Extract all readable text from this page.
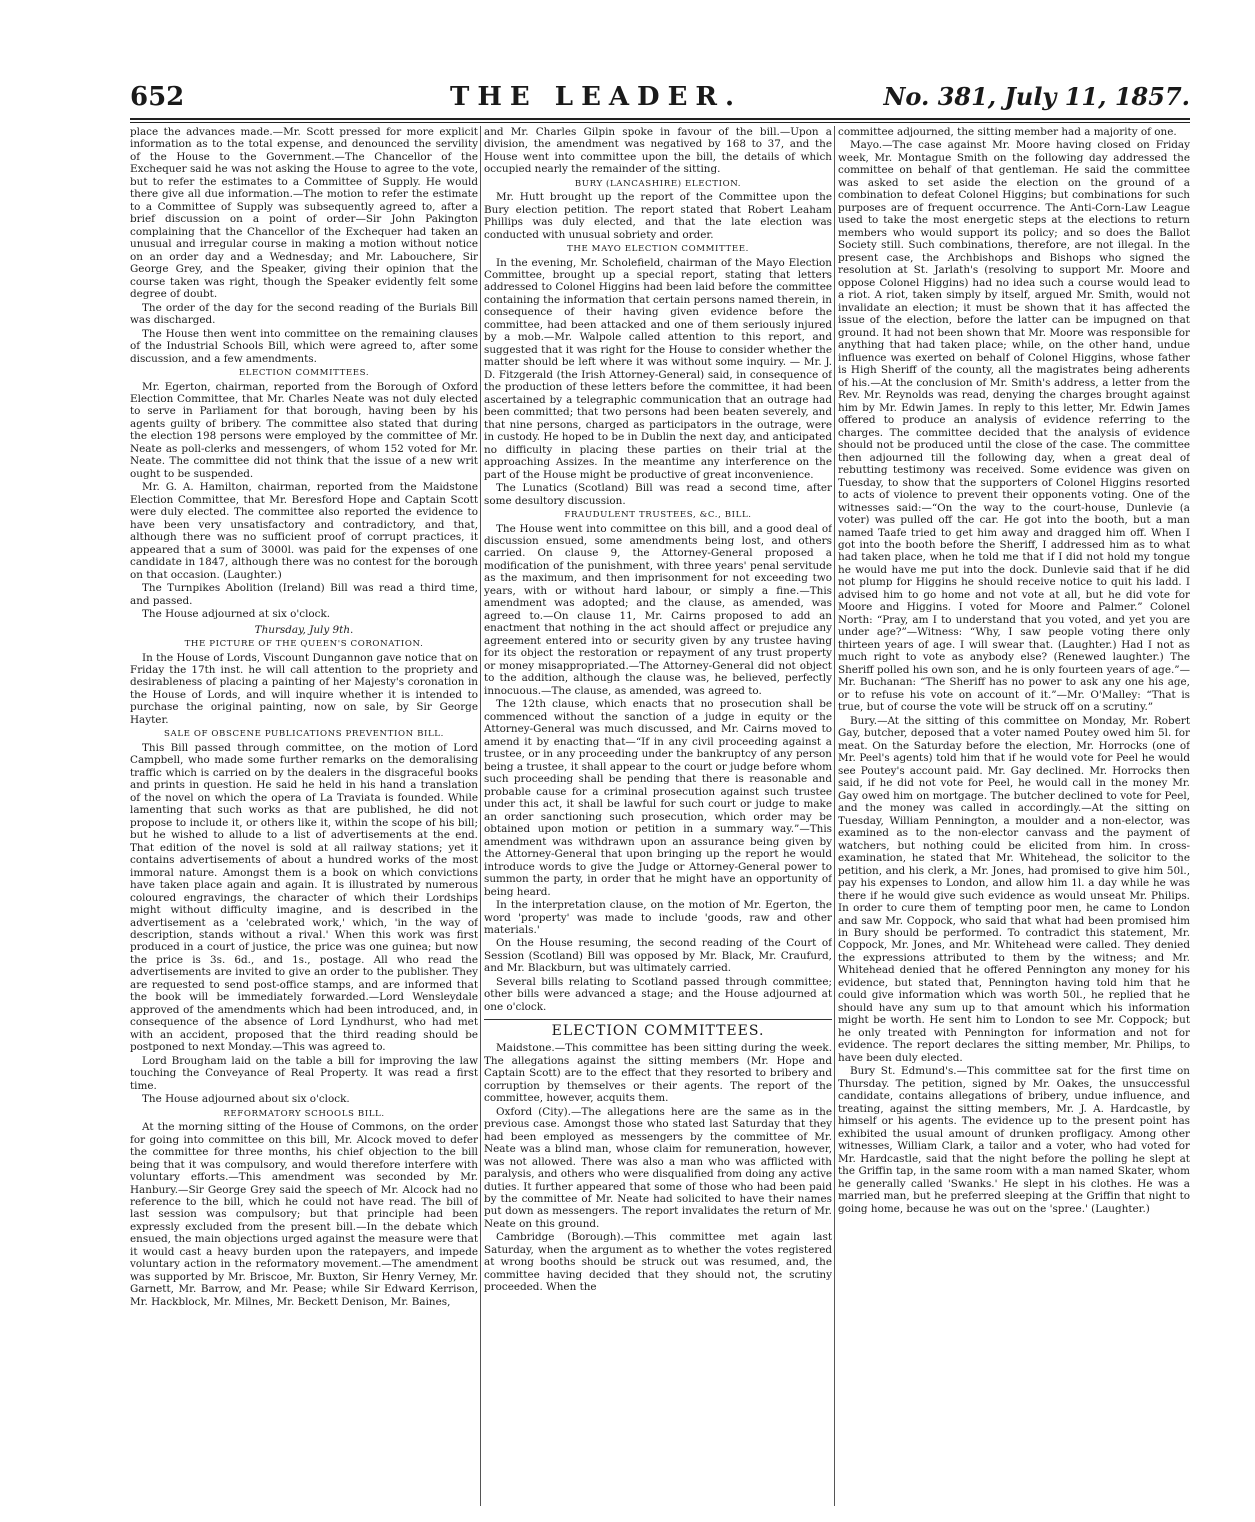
652	THE LEADER.	No. 381, July 11, 1857.

place the advances made.—Mr. Scott pressed for more explicit information as to the total expense, and denounced the servility of the House to the Government.—The Chancellor of the Exchequer said he was not asking the House to agree to the vote, but to refer the estimates to a Committee of Supply. He would there give all due information.—The motion to refer the estimate to a Committee of Supply was subsequently agreed to, after a brief discussion on a point of order—Sir John Pakington complaining that the Chancellor of the Exchequer had taken an unusual and irregular course in making a motion without notice on an order day and a Wednesday; and Mr. Labouchere, Sir George Grey, and the Speaker, giving their opinion that the course taken was right, though the Speaker evidently felt some degree of doubt.

The order of the day for the second reading of the Burials Bill was discharged.

The House then went into committee on the remaining clauses of the Industrial Schools Bill, which were agreed to, after some discussion, and a few amendments.

ELECTION COMMITTEES.

Mr. Egerton, chairman, reported from the Borough of Oxford Election Committee, that Mr. Charles Neate was not duly elected to serve in Parliament for that borough, having been by his agents guilty of bribery. The committee also stated that during the election 198 persons were employed by the committee of Mr. Neate as poll-clerks and messengers, of whom 152 voted for Mr. Neate. The committee did not think that the issue of a new writ ought to be suspended.

Mr. G. A. Hamilton, chairman, reported from the Maidstone Election Committee, that Mr. Beresford Hope and Captain Scott were duly elected. The committee also reported the evidence to have been very unsatisfactory and contradictory, and that, although there was no sufficient proof of corrupt practices, it appeared that a sum of 3000l. was paid for the expenses of one candidate in 1847, although there was no contest for the borough on that occasion. (Laughter.)

The Turnpikes Abolition (Ireland) Bill was read a third time, and passed.

The House adjourned at six o'clock.

Thursday, July 9th.
THE PICTURE OF THE QUEEN'S CORONATION.

In the House of Lords, Viscount Dungannon gave notice that on Friday the 17th inst. he will call attention to the propriety and desirableness of placing a painting of her Majesty's coronation in the House of Lords, and will inquire whether it is intended to purchase the original painting, now on sale, by Sir George Hayter.

SALE OF OBSCENE PUBLICATIONS PREVENTION BILL.

This Bill passed through committee, on the motion of Lord Campbell, who made some further remarks on the demoralising traffic which is carried on by the dealers in the disgraceful books and prints in question. He said he held in his hand a translation of the novel on which the opera of La Traviata is founded. While lamenting that such works as that are published, he did not propose to include it, or others like it, within the scope of his bill; but he wished to allude to a list of advertisements at the end. That edition of the novel is sold at all railway stations; yet it contains advertisements of about a hundred works of the most immoral nature. Amongst them is a book on which convictions have taken place again and again. It is illustrated by numerous coloured engravings, the character of which their Lordships might without difficulty imagine, and is described in the advertisement as a 'celebrated work,' which, 'in the way of description, stands without a rival.' When this work was first produced in a court of justice, the price was one guinea; but now the price is 3s. 6d., and 1s., postage. All who read the advertisements are invited to give an order to the publisher. They are requested to send post-office stamps, and are informed that the book will be immediately forwarded.—Lord Wensleydale approved of the amendments which had been introduced, and, in consequence of the absence of Lord Lyndhurst, who had met with an accident, proposed that the third reading should be postponed to next Monday.—This was agreed to.

Lord Brougham laid on the table a bill for improving the law touching the Conveyance of Real Property. It was read a first time.

The House adjourned about six o'clock.

REFORMATORY SCHOOLS BILL.

At the morning sitting of the House of Commons, on the order for going into committee on this bill, Mr. Alcock moved to defer the committee for three months, his chief objection to the bill being that it was compulsory, and would therefore interfere with voluntary efforts.—This amendment was seconded by Mr. Hanbury.—Sir George Grey said the speech of Mr. Alcock had no reference to the bill, which he could not have read. The bill of last session was compulsory; but that principle had been expressly excluded from the present bill.—In the debate which ensued, the main objections urged against the measure were that it would cast a heavy burden upon the ratepayers, and impede voluntary action in the reformatory movement.—The amendment was supported by Mr. Briscoe, Mr. Buxton, Sir Henry Verney, Mr. Garnett, Mr. Barrow, and Mr. Pease; while Sir Edward Kerrison, Mr. Hackblock, Mr. Milnes, Mr. Beckett Denison, Mr. Baines,

and Mr. Charles Gilpin spoke in favour of the bill.—Upon a division, the amendment was negatived by 168 to 37, and the House went into committee upon the bill, the details of which occupied nearly the remainder of the sitting.

BURY (LANCASHIRE) ELECTION.

Mr. Hutt brought up the report of the Committee upon the Bury election petition. The report stated that Robert Leaham Phillips was duly elected, and that the late election was conducted with unusual sobriety and order.

THE MAYO ELECTION COMMITTEE.

In the evening, Mr. Scholefield, chairman of the Mayo Election Committee, brought up a special report, stating that letters addressed to Colonel Higgins had been laid before the committee containing the information that certain persons named therein, in consequence of their having given evidence before the committee, had been attacked and one of them seriously injured by a mob.—Mr. Walpole called attention to this report, and suggested that it was right for the House to consider whether the matter should be left where it was without some inquiry. — Mr. J. D. Fitzgerald (the Irish Attorney-General) said, in consequence of the production of these letters before the committee, it had been ascertained by a telegraphic communication that an outrage had been committed; that two persons had been beaten severely, and that nine persons, charged as participators in the outrage, were in custody. He hoped to be in Dublin the next day, and anticipated no difficulty in placing these parties on their trial at the approaching Assizes. In the meantime any interference on the part of the House might be productive of great inconvenience.

The Lunatics (Scotland) Bill was read a second time, after some desultory discussion.

FRAUDULENT TRUSTEES, &C., BILL.

The House went into committee on this bill, and a good deal of discussion ensued, some amendments being lost, and others carried. On clause 9, the Attorney-General proposed a modification of the punishment, with three years' penal servitude as the maximum, and then imprisonment for not exceeding two years, with or without hard labour, or simply a fine.—This amendment was adopted; and the clause, as amended, was agreed to.—On clause 11, Mr. Cairns proposed to add an enactment that nothing in the act should affect or prejudice any agreement entered into or security given by any trustee having for its object the restoration or repayment of any trust property or money misappropriated.—The Attorney-General did not object to the addition, although the clause was, he believed, perfectly innocuous.—The clause, as amended, was agreed to.

The 12th clause, which enacts that no prosecution shall be commenced without the sanction of a judge in equity or the Attorney-General was much discussed, and Mr. Cairns moved to amend it by enacting that—“If in any civil proceeding against a trustee, or in any proceeding under the bankruptcy of any person being a trustee, it shall appear to the court or judge before whom such proceeding shall be pending that there is reasonable and probable cause for a criminal prosecution against such trustee under this act, it shall be lawful for such court or judge to make an order sanctioning such prosecution, which order may be obtained upon motion or petition in a summary way.”—This amendment was withdrawn upon an assurance being given by the Attorney-General that upon bringing up the report he would introduce words to give the Judge or Attorney-General power to summon the party, in order that he might have an opportunity of being heard.

In the interpretation clause, on the motion of Mr. Egerton, the word 'property' was made to include 'goods, raw and other materials.'

On the House resuming, the second reading of the Court of Session (Scotland) Bill was opposed by Mr. Black, Mr. Craufurd, and Mr. Blackburn, but was ultimately carried.

Several bills relating to Scotland passed through committee; other bills were advanced a stage; and the House adjourned at one o'clock.

ELECTION COMMITTEES.

Maidstone.—This committee has been sitting during the week. The allegations against the sitting members (Mr. Hope and Captain Scott) are to the effect that they resorted to bribery and corruption by themselves or their agents. The report of the committee, however, acquits them.

Oxford (City).—The allegations here are the same as in the previous case. Amongst those who stated last Saturday that they had been employed as messengers by the committee of Mr. Neate was a blind man, whose claim for remuneration, however, was not allowed. There was also a man who was afflicted with paralysis, and others who were disqualified from doing any active duties. It further appeared that some of those who had been paid by the committee of Mr. Neate had solicited to have their names put down as messengers. The report invalidates the return of Mr. Neate on this ground.

Cambridge (Borough).—This committee met again last Saturday, when the argument as to whether the votes registered at wrong booths should be struck out was resumed, and, the committee having decided that they should not, the scrutiny proceeded. When the

committee adjourned, the sitting member had a majority of one.

Mayo.—The case against Mr. Moore having closed on Friday week, Mr. Montague Smith on the following day addressed the committee on behalf of that gentleman. He said the committee was asked to set aside the election on the ground of a combination to defeat Colonel Higgins; but combinations for such purposes are of frequent occurrence. The Anti-Corn-Law League used to take the most energetic steps at the elections to return members who would support its policy; and so does the Ballot Society still. Such combinations, therefore, are not illegal. In the present case, the Archbishops and Bishops who signed the resolution at St. Jarlath's (resolving to support Mr. Moore and oppose Colonel Higgins) had no idea such a course would lead to a riot. A riot, taken simply by itself, argued Mr. Smith, would not invalidate an election; it must be shown that it has affected the issue of the election, before the latter can be impugned on that ground. It had not been shown that Mr. Moore was responsible for anything that had taken place; while, on the other hand, undue influence was exerted on behalf of Colonel Higgins, whose father is High Sheriff of the county, all the magistrates being adherents of his.—At the conclusion of Mr. Smith's address, a letter from the Rev. Mr. Reynolds was read, denying the charges brought against him by Mr. Edwin James. In reply to this letter, Mr. Edwin James offered to produce an analysis of evidence referring to the charges. The committee decided that the analysis of evidence should not be produced until the close of the case. The committee then adjourned till the following day, when a great deal of rebutting testimony was received. Some evidence was given on Tuesday, to show that the supporters of Colonel Higgins resorted to acts of violence to prevent their opponents voting. One of the witnesses said:—“On the way to the court-house, Dunlevie (a voter) was pulled off the car. He got into the booth, but a man named Taafe tried to get him away and dragged him off. When I got into the booth before the Sheriff, I addressed him as to what had taken place, when he told me that if I did not hold my tongue he would have me put into the dock. Dunlevie said that if he did not plump for Higgins he should receive notice to quit his ladd. I advised him to go home and not vote at all, but he did vote for Moore and Higgins. I voted for Moore and Palmer.” Colonel North: “Pray, am I to understand that you voted, and yet you are under age?”—Witness: “Why, I saw people voting there only thirteen years of age. I will swear that. (Laughter.) Had I not as much right to vote as anybody else? (Renewed laughter.) The Sheriff polled his own son, and he is only fourteen years of age.”—Mr. Buchanan: “The Sheriff has no power to ask any one his age, or to refuse his vote on account of it.”—Mr. O'Malley: “That is true, but of course the vote will be struck off on a scrutiny.”

Bury.—At the sitting of this committee on Monday, Mr. Robert Gay, butcher, deposed that a voter named Poutey owed him 5l. for meat. On the Saturday before the election, Mr. Horrocks (one of Mr. Peel's agents) told him that if he would vote for Peel he would see Poutey's account paid. Mr. Gay declined. Mr. Horrocks then said, if he did not vote for Peel, he would call in the money Mr. Gay owed him on mortgage. The butcher declined to vote for Peel, and the money was called in accordingly.—At the sitting on Tuesday, William Pennington, a moulder and a non-elector, was examined as to the non-elector canvass and the payment of watchers, but nothing could be elicited from him. In cross-examination, he stated that Mr. Whitehead, the solicitor to the petition, and his clerk, a Mr. Jones, had promised to give him 50l., pay his expenses to London, and allow him 1l. a day while he was there if he would give such evidence as would unseat Mr. Philips. In order to cure them of tempting poor men, he came to London and saw Mr. Coppock, who said that what had been promised him in Bury should be performed. To contradict this statement, Mr. Coppock, Mr. Jones, and Mr. Whitehead were called. They denied the expressions attributed to them by the witness; and Mr. Whitehead denied that he offered Pennington any money for his evidence, but stated that, Pennington having told him that he could give information which was worth 50l., he replied that he should have any sum up to that amount which his information might be worth. He sent him to London to see Mr. Coppock; but he only treated with Pennington for information and not for evidence. The report declares the sitting member, Mr. Philips, to have been duly elected.

Bury St. Edmund's.—This committee sat for the first time on Thursday. The petition, signed by Mr. Oakes, the unsuccessful candidate, contains allegations of bribery, undue influence, and treating, against the sitting members, Mr. J. A. Hardcastle, by himself or his agents. The evidence up to the present point has exhibited the usual amount of drunken profligacy. Among other witnesses, William Clark, a tailor and a voter, who had voted for Mr. Hardcastle, said that the night before the polling he slept at the Griffin tap, in the same room with a man named Skater, whom he generally called 'Swanks.' He slept in his clothes. He was a married man, but he preferred sleeping at the Griffin that night to going home, because he was out on the 'spree.' (Laughter.)
